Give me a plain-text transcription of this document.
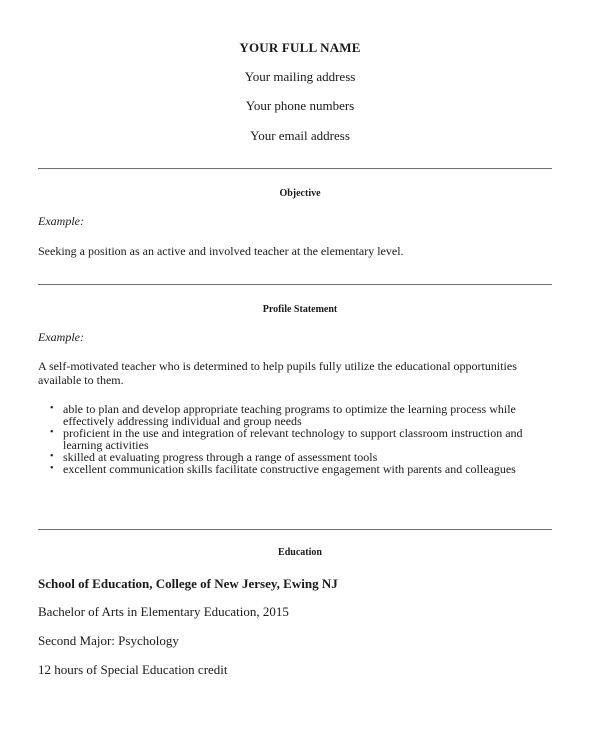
YOUR FULL NAME
Your mailing address
Your phone numbers
Your email address
Objective
Example:
Seeking a position as an active and involved teacher at the elementary level.
Profile Statement
Example:
A self-motivated teacher who is determined to help pupils fully utilize the educational opportunities available to them.
• able to plan and develop appropriate teaching programs to optimize the learning process while effectively addressing individual and group needs
• proficient in the use and integration of relevant technology to support classroom instruction and learning activities
• skilled at evaluating progress through a range of assessment tools
• excellent communication skills facilitate constructive engagement with parents and colleagues
Education
School of Education, College of New Jersey, Ewing NJ
Bachelor of Arts in Elementary Education, 2015
Second Major: Psychology
12 hours of Special Education credit
